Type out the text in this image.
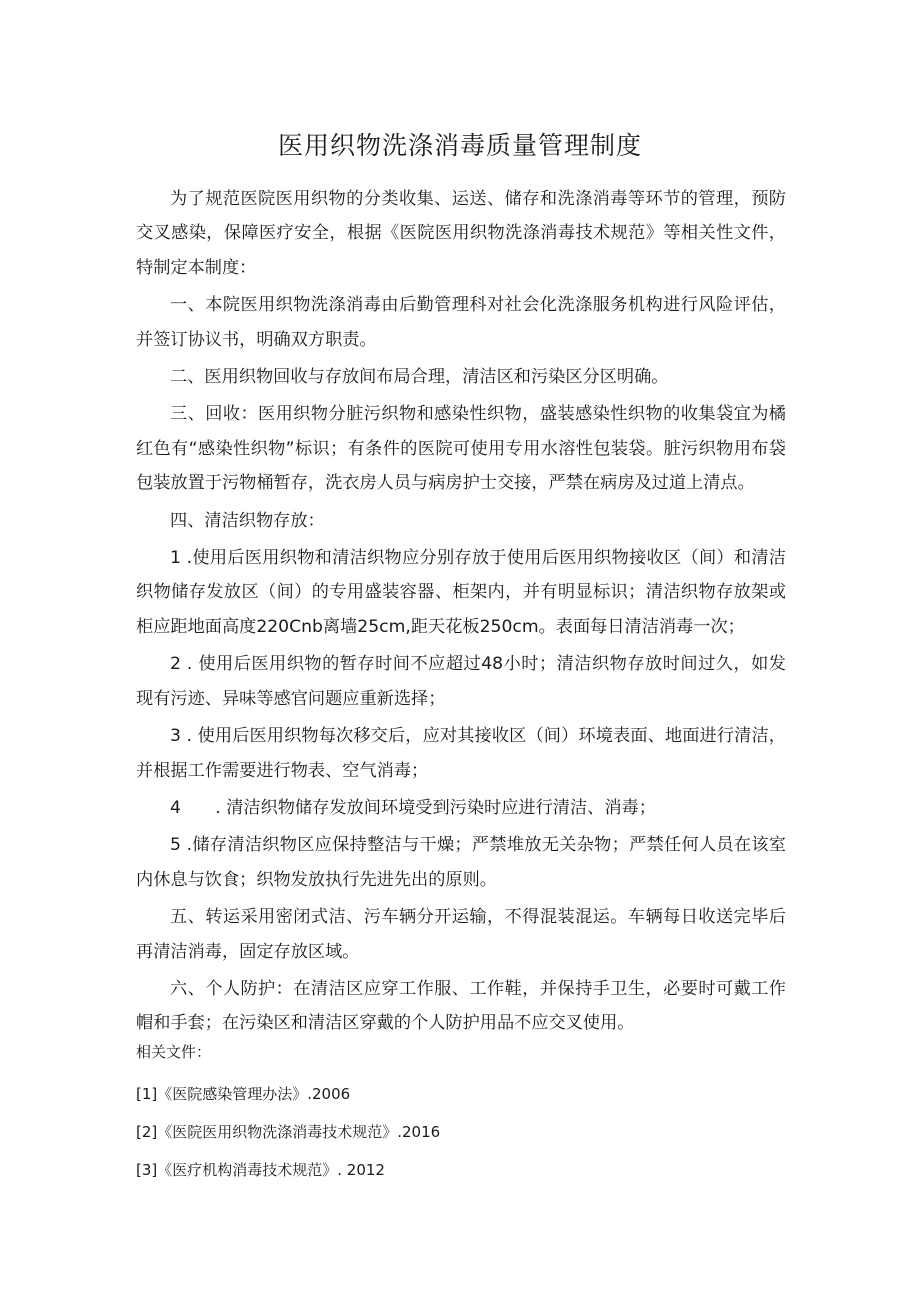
医用织物洗涤消毒质量管理制度

为了规范医院医用织物的分类收集、运送、储存和洗涤消毒等环节的管理，预防交叉感染，保障医疗安全，根据《医院医用织物洗涤消毒技术规范》等相关性文件，特制定本制度：

一、本院医用织物洗涤消毒由后勤管理科对社会化洗涤服务机构进行风险评估，并签订协议书，明确双方职责。

二、医用织物回收与存放间布局合理，清洁区和污染区分区明确。

三、回收：医用织物分脏污织物和感染性织物，盛装感染性织物的收集袋宜为橘红色有“感染性织物”标识；有条件的医院可使用专用水溶性包装袋。脏污织物用布袋包装放置于污物桶暂存，洗衣房人员与病房护士交接，严禁在病房及过道上清点。

四、清洁织物存放：

1 .使用后医用织物和清洁织物应分别存放于使用后医用织物接收区（间）和清洁织物储存发放区（间）的专用盛装容器、柜架内，并有明显标识；清洁织物存放架或柜应距地面高度220Cnb离墙25cm,距天花板250cm。表面每日清洁消毒一次；

2 . 使用后医用织物的暂存时间不应超过48小时；清洁织物存放时间过久，如发现有污迹、异味等感官问题应重新选择；

3 . 使用后医用织物每次移交后，应对其接收区（间）环境表面、地面进行清洁，并根据工作需要进行物表、空气消毒；

4　　. 清洁织物储存发放间环境受到污染时应进行清洁、消毒；

5 .储存清洁织物区应保持整洁与干燥；严禁堆放无关杂物；严禁任何人员在该室内休息与饮食；织物发放执行先进先出的原则。

五、转运采用密闭式洁、污车辆分开运输，不得混装混运。车辆每日收送完毕后再清洁消毒，固定存放区域。

六、个人防护：在清洁区应穿工作服、工作鞋，并保持手卫生，必要时可戴工作帽和手套；在污染区和清洁区穿戴的个人防护用品不应交叉使用。

相关文件：

[1]《医院感染管理办法》.2006

[2]《医院医用织物洗涤消毒技术规范》.2016

[3]《医疗机构消毒技术规范》. 2012
